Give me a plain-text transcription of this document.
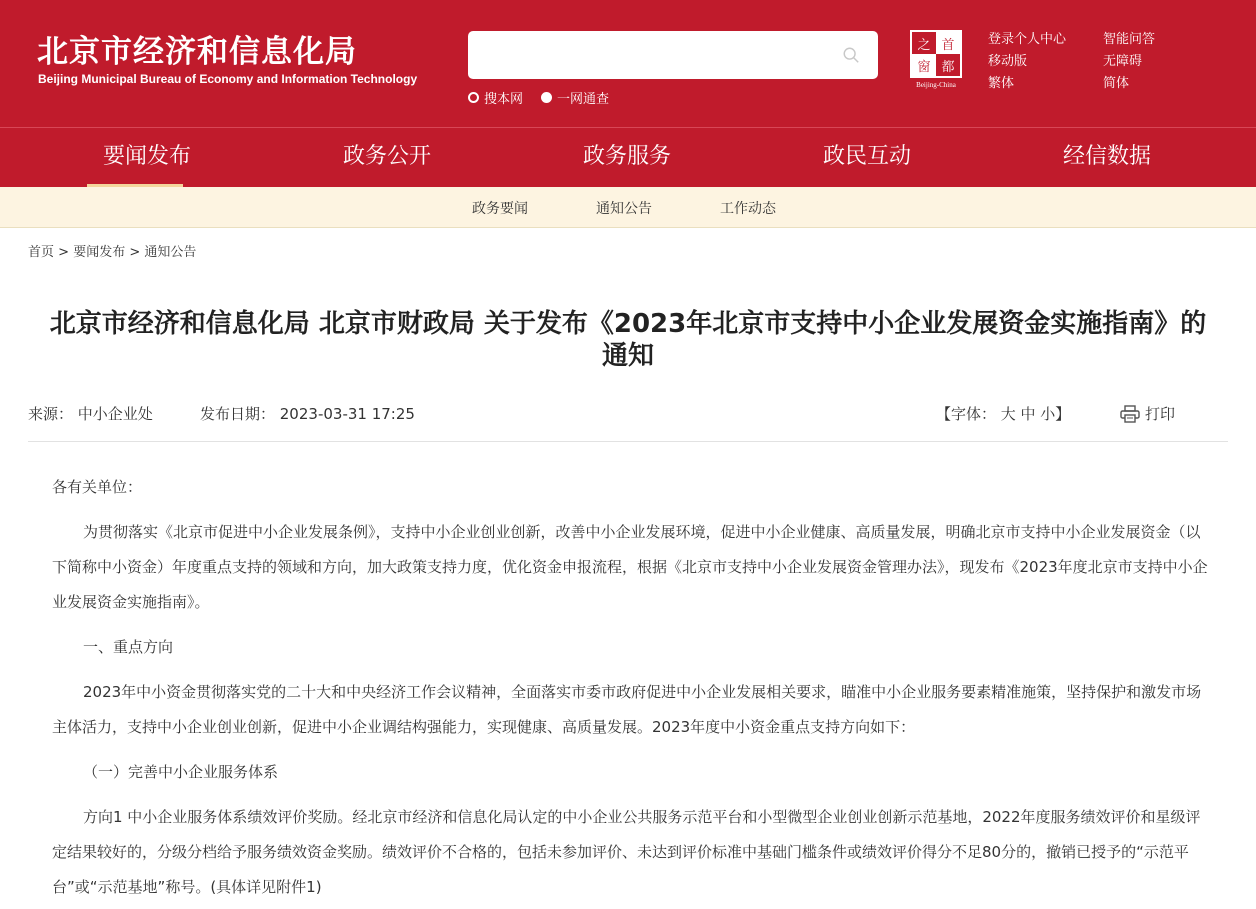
北京市经济和信息化局
Beijing Municipal Bureau of Economy and Information Technology
搜本网	一网通查
之 首
窗 都
Beijing-China
登录个人中心
移动版
繁体
智能问答
无障碍
简体
要闻发布	政务公开	政务服务	政民互动	经信数据
政务要闻	通知公告	工作动态
首页 > 要闻发布 > 通知公告
北京市经济和信息化局 北京市财政局 关于发布《2023年北京市支持中小企业发展资金实施指南》的通知
来源： 中小企业处	发布日期： 2023-03-31 17:25	【字体： 大 中 小】	打印

各有关单位：

为贯彻落实《北京市促进中小企业发展条例》，支持中小企业创业创新，改善中小企业发展环境，促进中小企业健康、高质量发展，明确北京市支持中小企业发展资金（以下简称中小资金）年度重点支持的领域和方向，加大政策支持力度，优化资金申报流程，根据《北京市支持中小企业发展资金管理办法》，现发布《2023年度北京市支持中小企业发展资金实施指南》。

一、重点方向

2023年中小资金贯彻落实党的二十大和中央经济工作会议精神，全面落实市委市政府促进中小企业发展相关要求，瞄准中小企业服务要素精准施策，坚持保护和激发市场主体活力，支持中小企业创业创新，促进中小企业调结构强能力，实现健康、高质量发展。2023年度中小资金重点支持方向如下：

（一）完善中小企业服务体系

方向1 中小企业服务体系绩效评价奖励。经北京市经济和信息化局认定的中小企业公共服务示范平台和小型微型企业创业创新示范基地，2022年度服务绩效评价和星级评定结果较好的，分级分档给予服务绩效资金奖励。绩效评价不合格的，包括未参加评价、未达到评价标准中基础门槛条件或绩效评价得分不足80分的，撤销已授予的“示范平台”或“示范基地”称号。(具体详见附件1)
